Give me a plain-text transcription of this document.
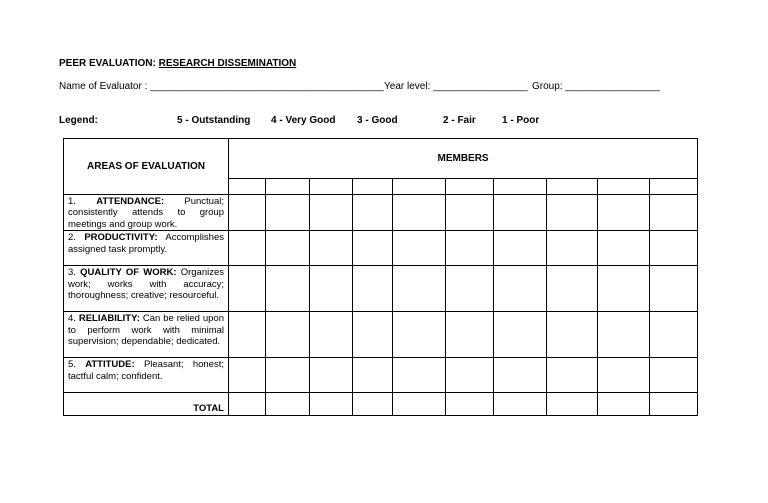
PEER EVALUATION: RESEARCH DISSEMINATION
Name of Evaluator : __________________________________________ Year level: _________________ Group: _________________
Legend:	5 - Outstanding 4 - Very Good 3 - Good	2 - Fair	1 - Poor
AREAS OF EVALUATION	MEMBERS									

1. ATTENDANCE: Punctual; consistently attends to group meetings and group work.										
2. PRODUCTIVITY: Accomplishes assigned task promptly.										
3. QUALITY OF WORK: Organizes work; works with accuracy; thoroughness; creative; resourceful.										
4. RELIABILITY: Can be relied upon to perform work with minimal supervision; dependable; dedicated.										
5. ATTITUDE: Pleasant; honest; tactful calm; confident.										
TOTAL										
